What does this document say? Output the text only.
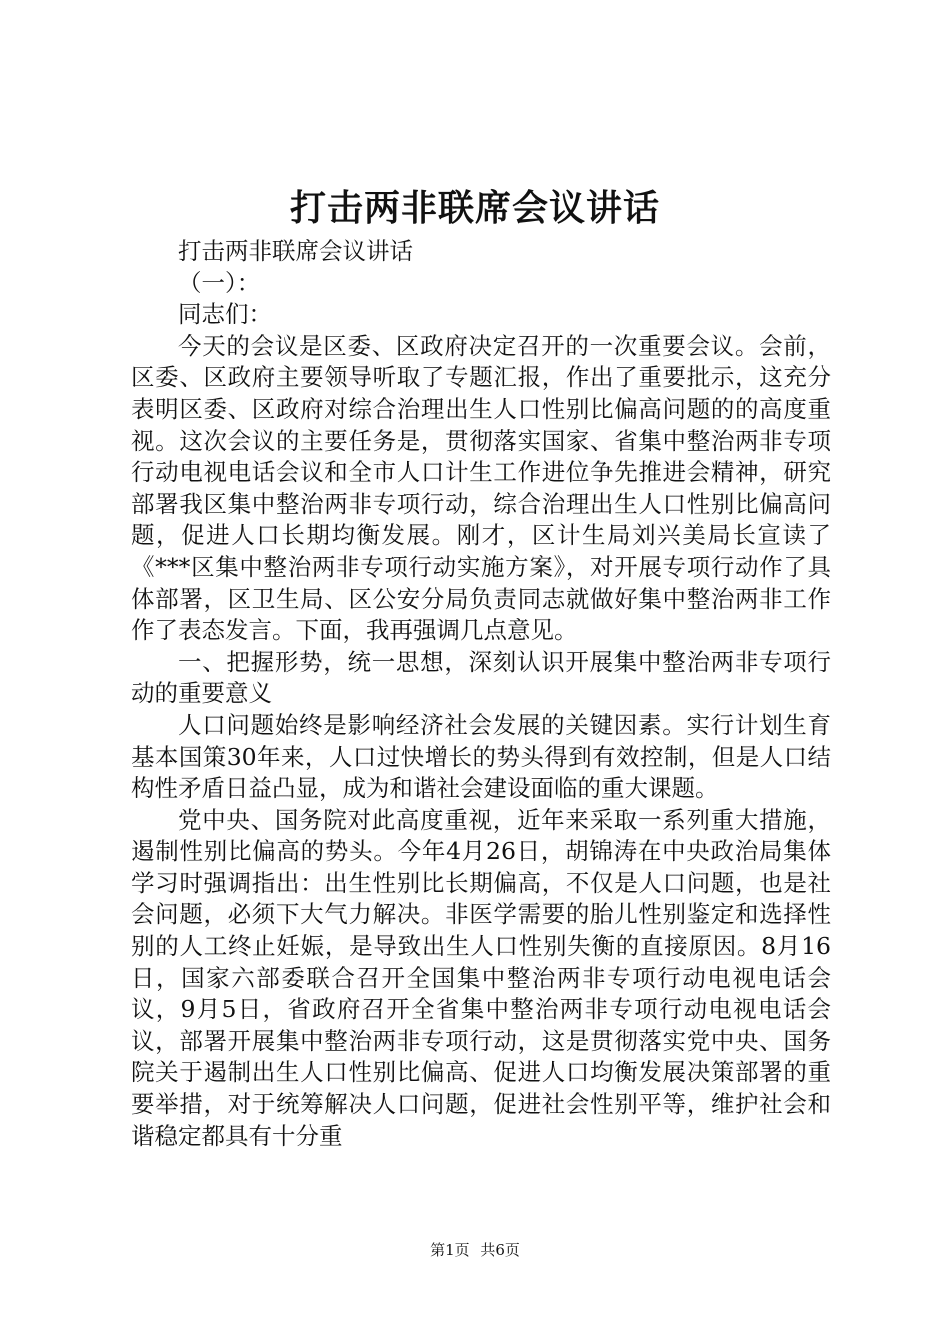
打击两非联席会议讲话

打击两非联席会议讲话

（一）：

同志们：

今天的会议是区委、区政府决定召开的一次重要会议。会前，区委、区政府主要领导听取了专题汇报，作出了重要批示，这充分表明区委、区政府对综合治理出生人口性别比偏高问题的的高度重视。这次会议的主要任务是，贯彻落实国家、省集中整治两非专项行动电视电话会议和全市人口计生工作进位争先推进会精神，研究部署我区集中整治两非专项行动，综合治理出生人口性别比偏高问题，促进人口长期均衡发展。刚才，区计生局刘兴美局长宣读了《***区集中整治两非专项行动实施方案》，对开展专项行动作了具体部署，区卫生局、区公安分局负责同志就做好集中整治两非工作作了表态发言。下面，我再强调几点意见。

一、把握形势，统一思想，深刻认识开展集中整治两非专项行动的重要意义

人口问题始终是影响经济社会发展的关键因素。实行计划生育基本国策30年来，人口过快增长的势头得到有效控制，但是人口结构性矛盾日益凸显，成为和谐社会建设面临的重大课题。

党中央、国务院对此高度重视，近年来采取一系列重大措施，遏制性别比偏高的势头。今年4月26日，胡锦涛在中央政治局集体学习时强调指出：出生性别比长期偏高，不仅是人口问题，也是社会问题，必须下大气力解决。非医学需要的胎儿性别鉴定和选择性别的人工终止妊娠，是导致出生人口性别失衡的直接原因。8月16日，国家六部委联合召开全国集中整治两非专项行动电视电话会议，9月5日，省政府召开全省集中整治两非专项行动电视电话会议，部署开展集中整治两非专项行动，这是贯彻落实党中央、国务院关于遏制出生人口性别比偏高、促进人口均衡发展决策部署的重要举措，对于统筹解决人口问题，促进社会性别平等，维护社会和谐稳定都具有十分重

第1页 共6页
